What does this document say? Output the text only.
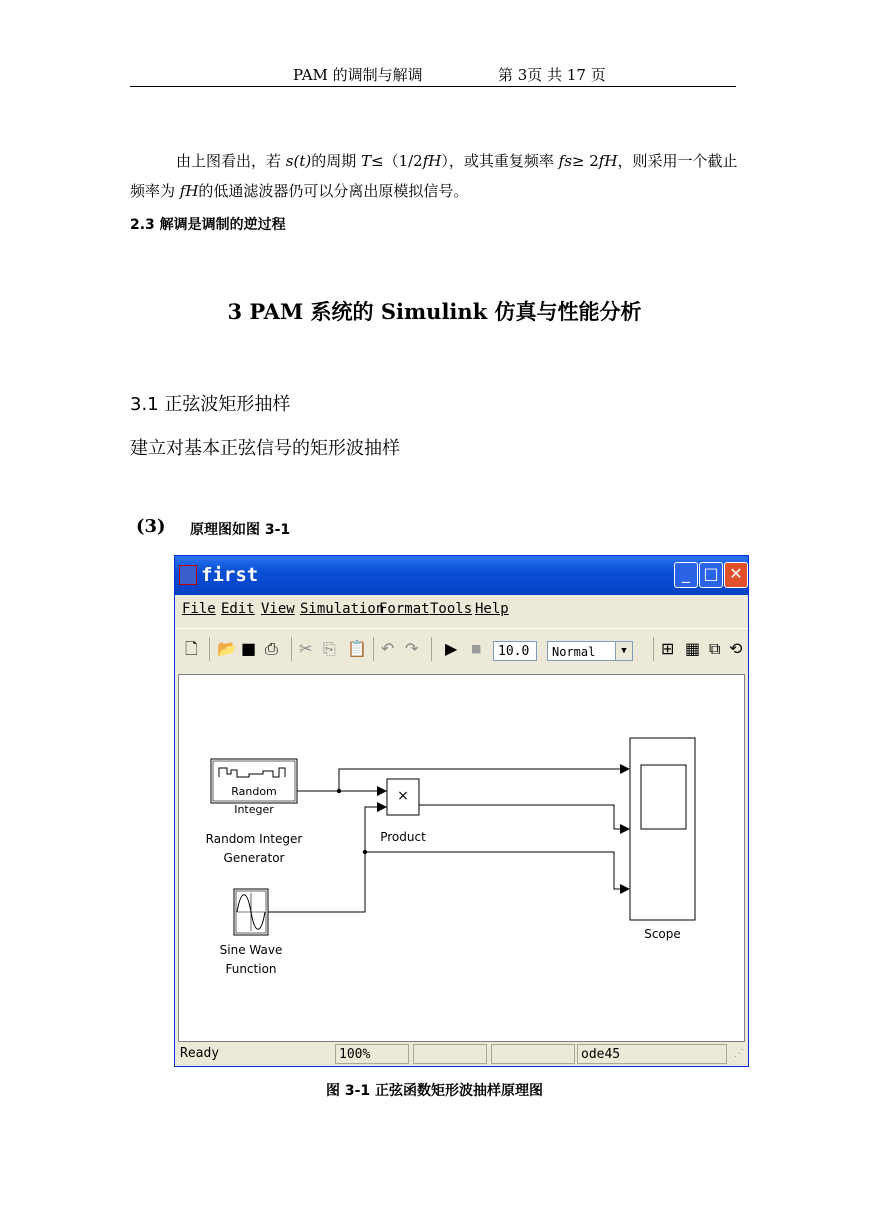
PAM 的调制与解调	第 3页 共 17 页
由上图看出，若 s(t)的周期 T≤（1/2fH），或其重复频率 fs≥ 2fH，则采用一个截止频率为 fH的低通滤波器仍可以分离出原模拟信号。
2.3 解调是调制的逆过程
3 PAM 系统的 Simulink 仿真与性能分析
3.1 正弦波矩形抽样
建立对基本正弦信号的矩形波抽样
(3) 原理图如图 3-1
first	_ □ ✕
File Edit View Simulation
Format Tools Help
🗋 📂 ■ ⎙ ✂ ⎘ 📋 ↶ ↷ ▶ ■	⊞ ▦ ⧉ ⟲
10.0	Normal	▼
Random
Integer
Random Integer
Generator
×
Product
Sine Wave
Function
Scope
Ready	100%	ode45	⋰
图 3-1 正弦函数矩形波抽样原理图
